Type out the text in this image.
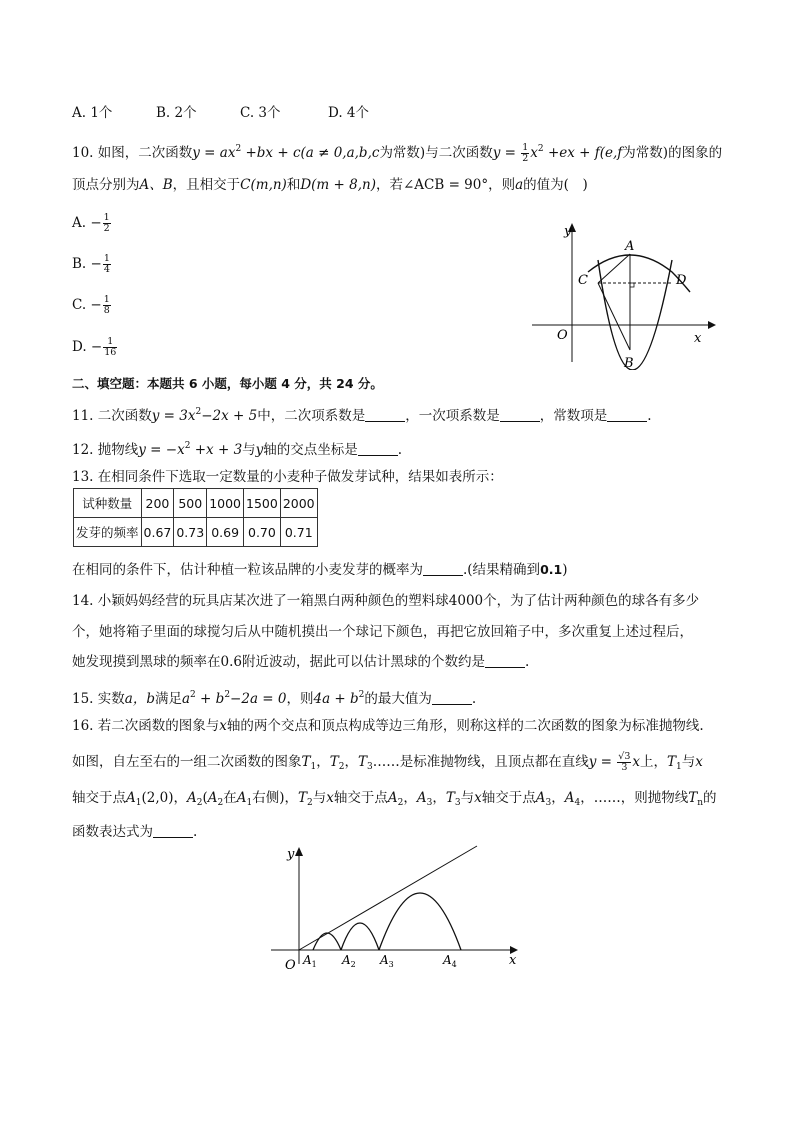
A. 1个	B. 2个	C. 3个	D. 4个
10. 如图，二次函数$y = ax^2 +bx + c(a \ne 0,a,b,c$为常数)与二次函数$y = \frac{1}{2} x^2 +ex + f(e,f$为常数)的图象的
顶点分别为A、B，且相交于C(m,n)和D(m + 8,n)，若∠ACB = 90°，则a的值为(　)
A. − $\frac{1}{2}$
B. − $\frac{1}{4}$
C. − $\frac{1}{8}$
D. − $\frac{1}{16}$
y
x
O
A
B
C	D
二、填空题：本题共 6 小题，每小题 4 分，共 24 分。
11. 二次函数$y = 3x^2-2x + 5$中，二次项系数是	，一次项系数是	，常数项是	.
12. 抛物线$y = -x^2 +x + 3$与y轴的交点坐标是	.
13. 在相同条件下选取一定数量的小麦种子做发芽试种，结果如表所示：
试种数量	200	500	1000	1500	2000
发芽的频率	0.67	0.73	0.69	0.70	0.71
在相同的条件下，估计种植一粒该品牌的小麦发芽的概率为	.(结果精确到0.1)
14. 小颖妈妈经营的玩具店某次进了一箱黑白两种颜色的塑料球4000个，为了估计两种颜色的球各有多少
个，她将箱子里面的球搅匀后从中随机摸出一个球记下颜色，再把它放回箱子中，多次重复上述过程后，
她发现摸到黑球的频率在0.6附近波动，据此可以估计黑球的个数约是	.
15. 实数a，b满足$a^2 + b^2-2a = 0$，则$4a + b^2$的最大值为	.
16. 若二次函数的图象与x轴的两个交点和顶点构成等边三角形，则称这样的二次函数的图象为标准抛物线.
如图，自左至右的一组二次函数的图象$T_1$，$T_2$，$T_3\dots\dots$是标准抛物线，且顶点都在直线$y = \frac{√3}{3}$ x上，$T_1$与x
轴交于点$A_1(2,0)$，$A_2(A_2$在$A_1$右侧)，$T_2$与x轴交于点$A_2$，$A_3$，$T_3$与x轴交于点$A_3$，$A_4$，……，则抛物线$T_n$的
函数表达式为	.
y
x
O $A_1$ $A_2$ $A_3$	$A_4$
